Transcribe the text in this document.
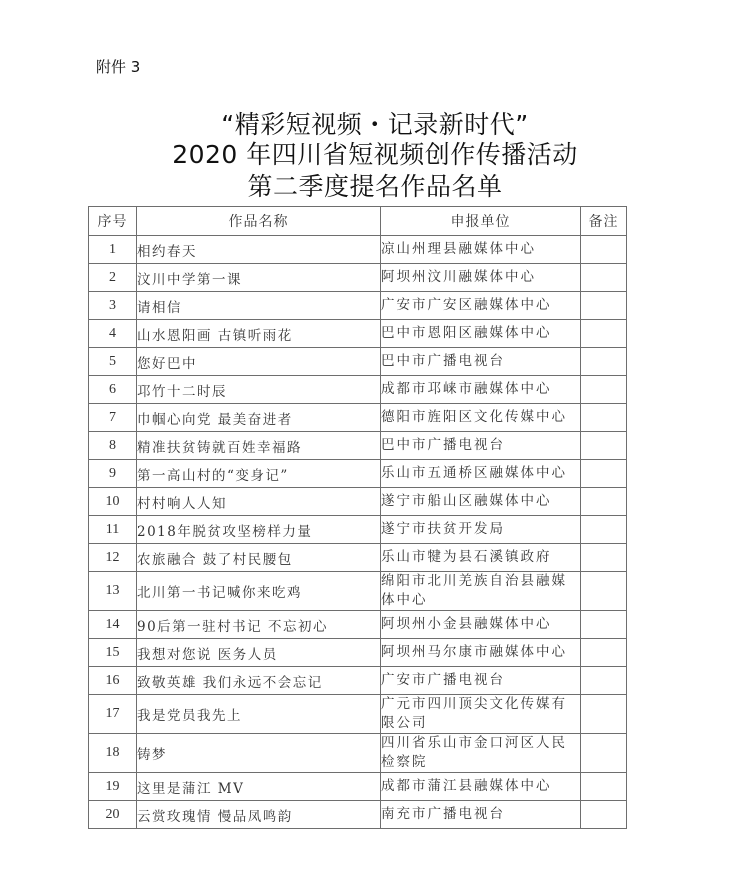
附件 3
“精彩短视频・记录新时代”
2020 年四川省短视频创作传播活动
第二季度提名作品名单
序号	作品名称	申报单位	备注
1	相约春天	凉山州理县融媒体中心	
2	汶川中学第一课	阿坝州汶川融媒体中心	
3	请相信	广安市广安区融媒体中心	
4	山水恩阳画 古镇听雨花	巴中市恩阳区融媒体中心	
5	您好巴中	巴中市广播电视台	
6	邛竹十二时辰	成都市邛崃市融媒体中心	
7	巾帼心向党 最美奋进者	德阳市旌阳区文化传媒中心	
8	精准扶贫铸就百姓幸福路	巴中市广播电视台	
9	第一高山村的“变身记”	乐山市五通桥区融媒体中心	
10	村村响人人知	遂宁市船山区融媒体中心	
11	2018年脱贫攻坚榜样力量	遂宁市扶贫开发局	
12	农旅融合 鼓了村民腰包	乐山市犍为县石溪镇政府	
13	北川第一书记喊你来吃鸡	绵阳市北川羌族自治县融媒体中心	
14	90后第一驻村书记 不忘初心	阿坝州小金县融媒体中心	
15	我想对您说 医务人员	阿坝州马尔康市融媒体中心	
16	致敬英雄 我们永远不会忘记	广安市广播电视台	
17	我是党员我先上	广元市四川顶尖文化传媒有限公司	
18	铸梦	四川省乐山市金口河区人民检察院	
19	这里是蒲江 MV	成都市蒲江县融媒体中心	
20	云赏玫瑰情 慢品凤鸣韵	南充市广播电视台	
